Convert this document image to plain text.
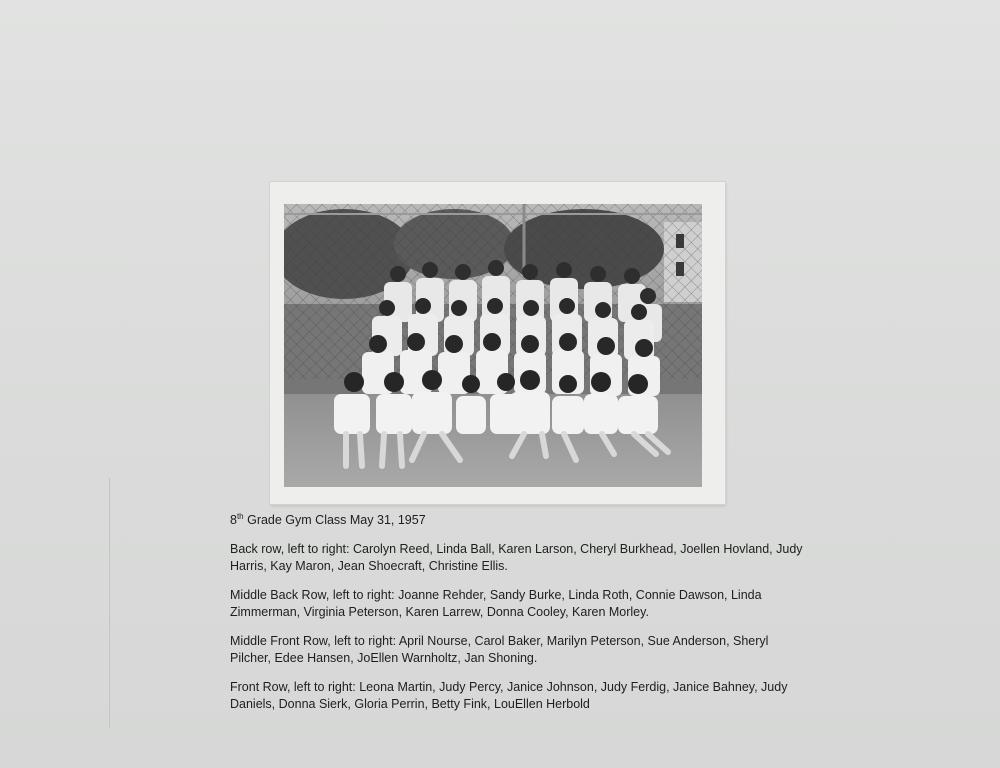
8th Grade Gym Class May 31, 1957

Back row, left to right: Carolyn Reed, Linda Ball, Karen Larson, Cheryl Burkhead, Joellen Hovland, Judy Harris, Kay Maron, Jean Shoecraft, Christine Ellis.

Middle Back Row, left to right: Joanne Rehder, Sandy Burke, Linda Roth, Connie Dawson, Linda Zimmerman, Virginia Peterson, Karen Larrew, Donna Cooley, Karen Morley.

Middle Front Row, left to right: April Nourse, Carol Baker, Marilyn Peterson, Sue Anderson, Sheryl Pilcher, Edee Hansen, JoEllen Warnholtz, Jan Shoning.

Front Row, left to right: Leona Martin, Judy Percy, Janice Johnson, Judy Ferdig, Janice Bahney, Judy Daniels, Donna Sierk, Gloria Perrin, Betty Fink, LouEllen Herbold
